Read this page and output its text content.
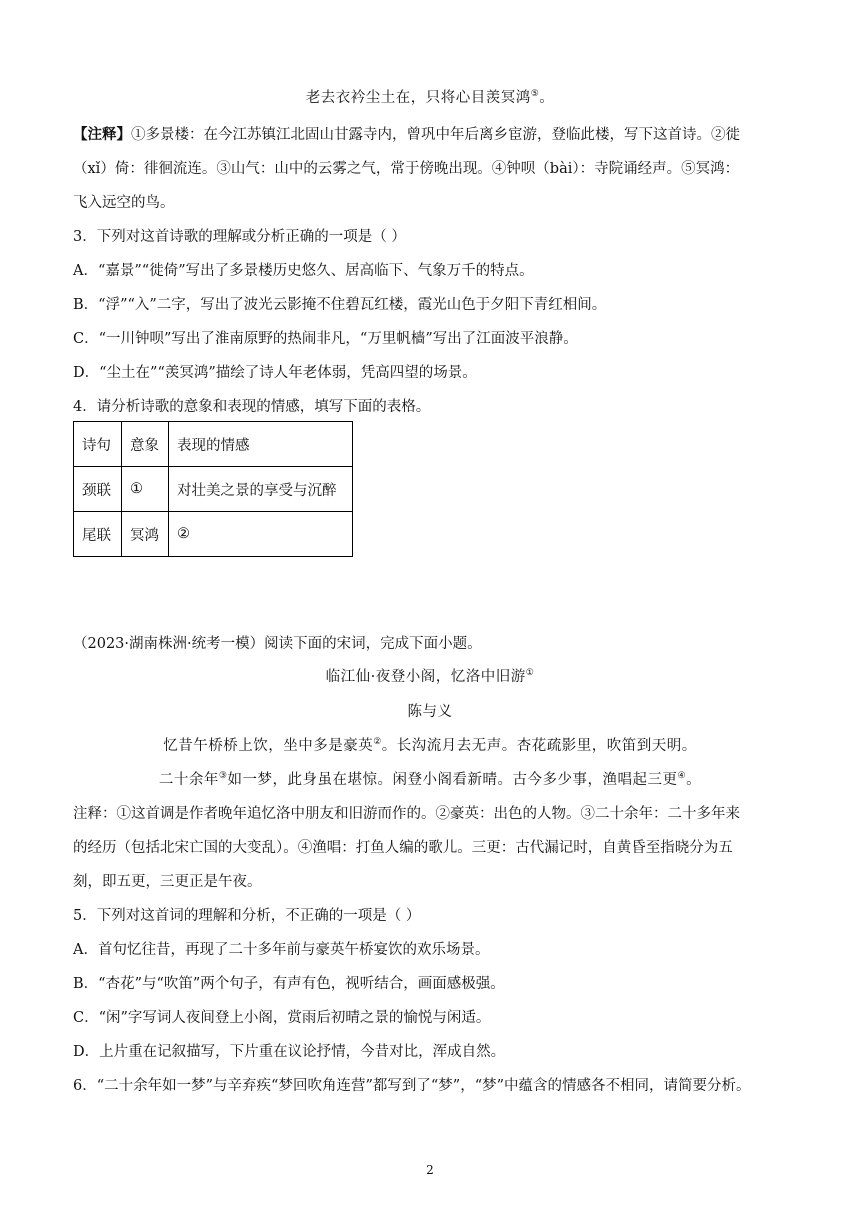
老去衣衿尘土在，只将心目羡冥鸿⑤。
【注释】①多景楼：在今江苏镇江北固山甘露寺内，曾巩中年后离乡宦游，登临此楼，写下这首诗。②徙
（xǐ）倚：徘徊流连。③山气：山中的云雾之气，常于傍晚出现。④钟呗（bài）：寺院诵经声。⑤冥鸿：
飞入远空的鸟。
3．下列对这首诗歌的理解或分析正确的一项是（ ）
A．“嘉景”“徙倚”写出了多景楼历史悠久、居高临下、气象万千的特点。
B．“浮”“入”二字，写出了波光云影掩不住碧瓦红楼，霞光山色于夕阳下青红相间。
C．“一川钟呗”写出了淮南原野的热闹非凡，“万里帆樯”写出了江面波平浪静。
D．“尘土在”“羡冥鸿”描绘了诗人年老体弱，凭高四望的场景。
4．请分析诗歌的意象和表现的情感，填写下面的表格。
诗句	意象	表现的情感
颈联	①	对壮美之景的享受与沉醉
尾联	冥鸿	②
（2023·湖南株洲·统考一模）阅读下面的宋词，完成下面小题。
临江仙·夜登小阁，忆洛中旧游①
陈与义
忆昔午桥桥上饮，坐中多是豪英②。长沟流月去无声。杏花疏影里，吹笛到天明。
二十余年③如一梦，此身虽在堪惊。闲登小阁看新晴。古今多少事，渔唱起三更④。
注释：①这首调是作者晚年追忆洛中朋友和旧游而作的。②豪英：出色的人物。③二十余年：二十多年来
的经历（包括北宋亡国的大变乱）。④渔唱：打鱼人编的歌儿。三更：古代漏记时，自黄昏至指晓分为五
刻，即五更，三更正是午夜。
5．下列对这首词的理解和分析，不正确的一项是（ ）
A．首句忆往昔，再现了二十多年前与豪英午桥宴饮的欢乐场景。
B．“杏花”与“吹笛”两个句子，有声有色，视听结合，画面感极强。
C．“闲”字写词人夜间登上小阁，赏雨后初晴之景的愉悦与闲适。
D．上片重在记叙描写，下片重在议论抒情，今昔对比，浑成自然。
6．“二十余年如一梦”与辛弃疾“梦回吹角连营”都写到了“梦”，“梦”中蕴含的情感各不相同，请简要分析。
2
